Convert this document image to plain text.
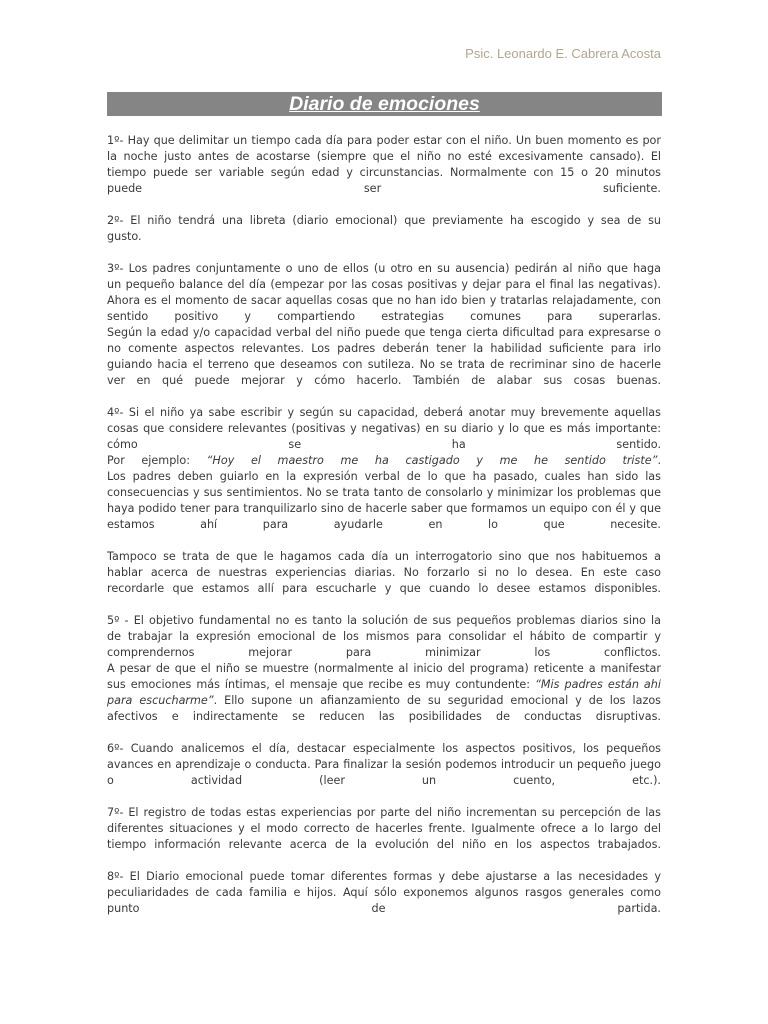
Psic. Leonardo E. Cabrera Acosta
Diario de emociones
1º- Hay que delimitar un tiempo cada día para poder estar con el niño. Un buen momento es por
la noche justo antes de acostarse (siempre que el niño no esté excesivamente cansado). El
tiempo puede ser variable según edad y circunstancias. Normalmente con 15 o 20 minutos
puede ser suficiente.
2º- El niño tendrá una libreta (diario emocional) que previamente ha escogido y sea de su
gusto.
3º- Los padres conjuntamente o uno de ellos (u otro en su ausencia) pedirán al niño que haga
un pequeño balance del día (empezar por las cosas positivas y dejar para el final las negativas).
Ahora es el momento de sacar aquellas cosas que no han ido bien y tratarlas relajadamente, con
sentido positivo y compartiendo estrategias comunes para superarlas.
Según la edad y/o capacidad verbal del niño puede que tenga cierta dificultad para expresarse o
no comente aspectos relevantes. Los padres deberán tener la habilidad suficiente para irlo
guiando hacia el terreno que deseamos con sutileza. No se trata de recriminar sino de hacerle
ver en qué puede mejorar y cómo hacerlo. También de alabar sus cosas buenas.
4º- Si el niño ya sabe escribir y según su capacidad, deberá anotar muy brevemente aquellas
cosas que considere relevantes (positivas y negativas) en su diario y lo que es más importante:
cómo se ha sentido.
Por ejemplo: “Hoy el maestro me ha castigado y me he sentido triste”.
Los padres deben guiarlo en la expresión verbal de lo que ha pasado, cuales han sido las
consecuencias y sus sentimientos. No se trata tanto de consolarlo y minimizar los problemas que
haya podido tener para tranquilizarlo sino de hacerle saber que formamos un equipo con él y que
estamos ahí para ayudarle en lo que necesite.
Tampoco se trata de que le hagamos cada día un interrogatorio sino que nos habituemos a
hablar acerca de nuestras experiencias diarias. No forzarlo si no lo desea. En este caso
recordarle que estamos allí para escucharle y que cuando lo desee estamos disponibles.
5º - El objetivo fundamental no es tanto la solución de sus pequeños problemas diarios sino la
de trabajar la expresión emocional de los mismos para consolidar el hábito de compartir y
comprendernos mejorar para minimizar los conflictos.
A pesar de que el niño se muestre (normalmente al inicio del programa) reticente a manifestar
sus emociones más íntimas, el mensaje que recibe es muy contundente: “Mis padres están ahí
para escucharme”. Ello supone un afianzamiento de su seguridad emocional y de los lazos
afectivos e indirectamente se reducen las posibilidades de conductas disruptivas.
6º- Cuando analicemos el día, destacar especialmente los aspectos positivos, los pequeños
avances en aprendizaje o conducta. Para finalizar la sesión podemos introducir un pequeño juego
o actividad (leer un cuento, etc.).
7º- El registro de todas estas experiencias por parte del niño incrementan su percepción de las
diferentes situaciones y el modo correcto de hacerles frente. Igualmente ofrece a lo largo del
tiempo información relevante acerca de la evolución del niño en los aspectos trabajados.
8º- El Diario emocional puede tomar diferentes formas y debe ajustarse a las necesidades y
peculiaridades de cada familia e hijos. Aquí sólo exponemos algunos rasgos generales como
punto de partida.
